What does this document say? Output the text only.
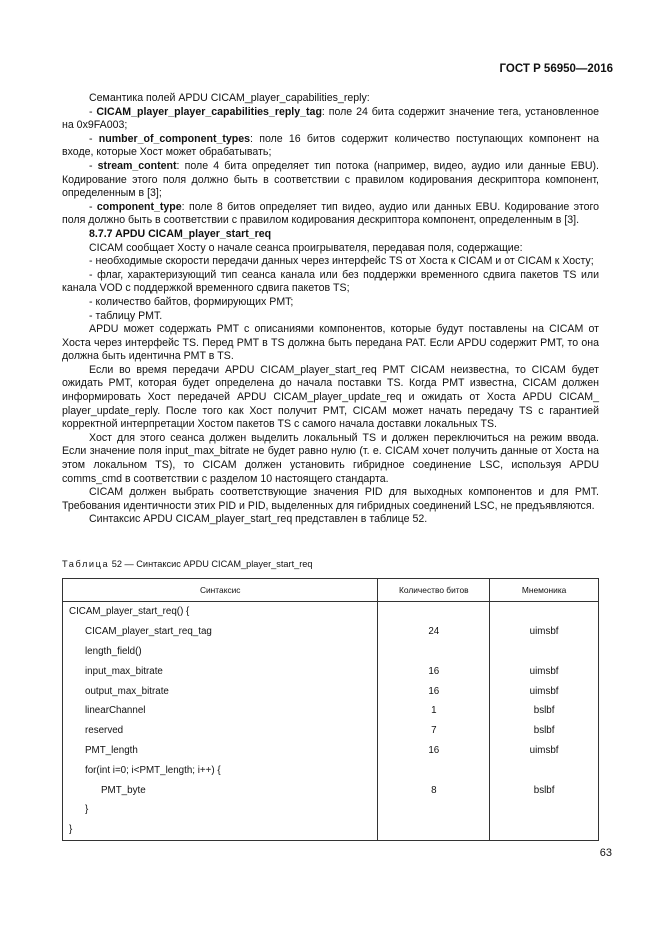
ГОСТ Р 56950—2016

Семантика полей APDU CICAM_player_capabilities_reply:

- CICAM_player_player_capabilities_reply_tag: поле 24 бита содержит значение тега, установленное на 0x9FA003;

- number_of_component_types: поле 16 битов содержит количество поступающих компонент на входе, которые Хост может обрабатывать;

- stream_content: поле 4 бита определяет тип потока (например, видео, аудио или данные EBU). Кодирование этого поля должно быть в соответствии с правилом кодирования дескриптора компонент, определенным в [3];

- component_type: поле 8 битов определяет тип видео, аудио или данных EBU. Кодирование этого поля должно быть в соответствии с правилом кодирования дескриптора компонент, определенным в [3].

8.7.7 APDU CICAM_player_start_req

CICAM сообщает Хосту о начале сеанса проигрывателя, передавая поля, содержащие:

- необходимые скорости передачи данных через интерфейс TS от Хоста к CICAM и от CICAM к Хосту;

- флаг, характеризующий тип сеанса канала или без поддержки временного сдвига пакетов TS или канала VOD с поддержкой временного сдвига пакетов TS;

- количество байтов, формирующих PMT;

- таблицу PMT.

APDU может содержать PMT с описаниями компонентов, которые будут поставлены на CICAM от Хоста через интерфейс TS. Перед PMT в TS должна быть передана PAT. Если APDU содержит PMT, то она должна быть идентична PMT в TS.

Если во время передачи APDU CICAM_player_start_req PMT CICAM неизвестна, то CICAM будет ожидать PMT, которая будет определена до начала поставки TS. Когда PMT известна, CICAM должен информировать Хост передачей APDU CICAM_player_update_req и ожидать от Хоста APDU CICAM_ player_update_reply. После того как Хост получит PMT, CICAM может начать передачу TS с гарантией корректной интерпретации Хостом пакетов TS с самого начала доставки локальных TS.

Хост для этого сеанса должен выделить локальный TS и должен переключиться на режим ввода. Если значение поля input_max_bitrate не будет равно нулю (т. е. CICAM хочет получить данные от Хоста на этом локальном TS), то CICAM должен установить гибридное соединение LSC, используя APDU comms_cmd в соответствии с разделом 10 настоящего стандарта.

CICAM должен выбрать соответствующие значения PID для выходных компонентов и для PMT. Требования идентичности этих PID и PID, выделенных для гибридных соединений LSC, не предъявляются.

Синтаксис APDU CICAM_player_start_req представлен в таблице 52.

Таблица 52 — Синтаксис APDU CICAM_player_start_req
Синтаксис	Количество битов	Мнемоника
CICAM_player_start_req() {		
CICAM_player_start_req_tag	24	uimsbf
length_field()		
input_max_bitrate	16	uimsbf
output_max_bitrate	16	uimsbf
linearChannel	1	bslbf
reserved	7	bslbf
PMT_length	16	uimsbf
for(int i=0; i<PMT_length; i++) {		
PMT_byte	8	bslbf
}		
}		
63
